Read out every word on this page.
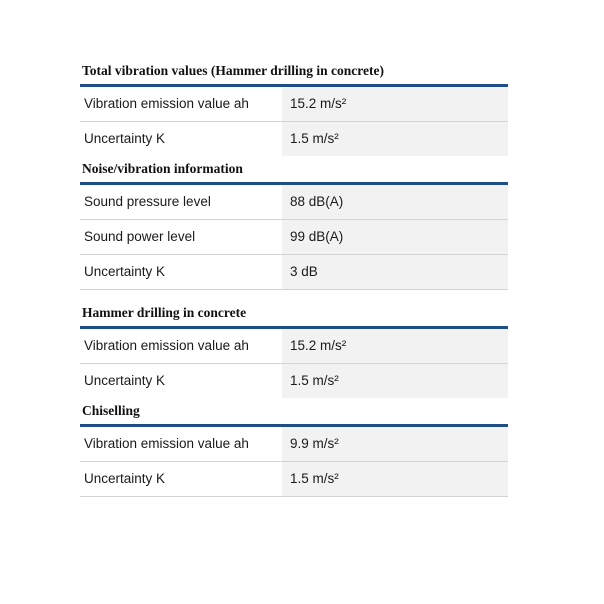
Total vibration values (Hammer drilling in concrete)
Vibration emission value ah	15.2 m/s²
Uncertainty K	1.5 m/s²
Noise/vibration information
Sound pressure level	88 dB(A)
Sound power level	99 dB(A)
Uncertainty K	3 dB
Hammer drilling in concrete
Vibration emission value ah	15.2 m/s²
Uncertainty K	1.5 m/s²
Chiselling
Vibration emission value ah	9.9 m/s²
Uncertainty K	1.5 m/s²
